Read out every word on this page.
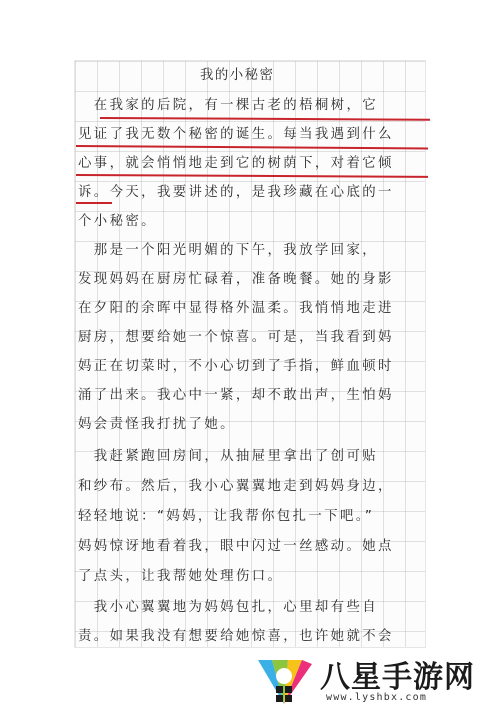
我的小秘密
　在我家的后院，有一棵古老的梧桐树，它
见证了我无数个秘密的诞生。每当我遇到什么
心事，就会悄悄地走到它的树荫下，对着它倾
诉。今天，我要讲述的，是我珍藏在心底的一
个小秘密。
　那是一个阳光明媚的下午，我放学回家，
发现妈妈在厨房忙碌着，准备晚餐。她的身影
在夕阳的余晖中显得格外温柔。我悄悄地走进
厨房，想要给她一个惊喜。可是，当我看到妈
妈正在切菜时，不小心切到了手指，鲜血顿时
涌了出来。我心中一紧，却不敢出声，生怕妈
妈会责怪我打扰了她。
　我赶紧跑回房间，从抽屉里拿出了创可贴
和纱布。然后，我小心翼翼地走到妈妈身边，
轻轻地说：“妈妈，让我帮你包扎一下吧。”
妈妈惊讶地看着我，眼中闪过一丝感动。她点
了点头，让我帮她处理伤口。
　我小心翼翼地为妈妈包扎，心里却有些自
责。如果我没有想要给她惊喜，也许她就不会
八星手游网
www.lyshbx.com
